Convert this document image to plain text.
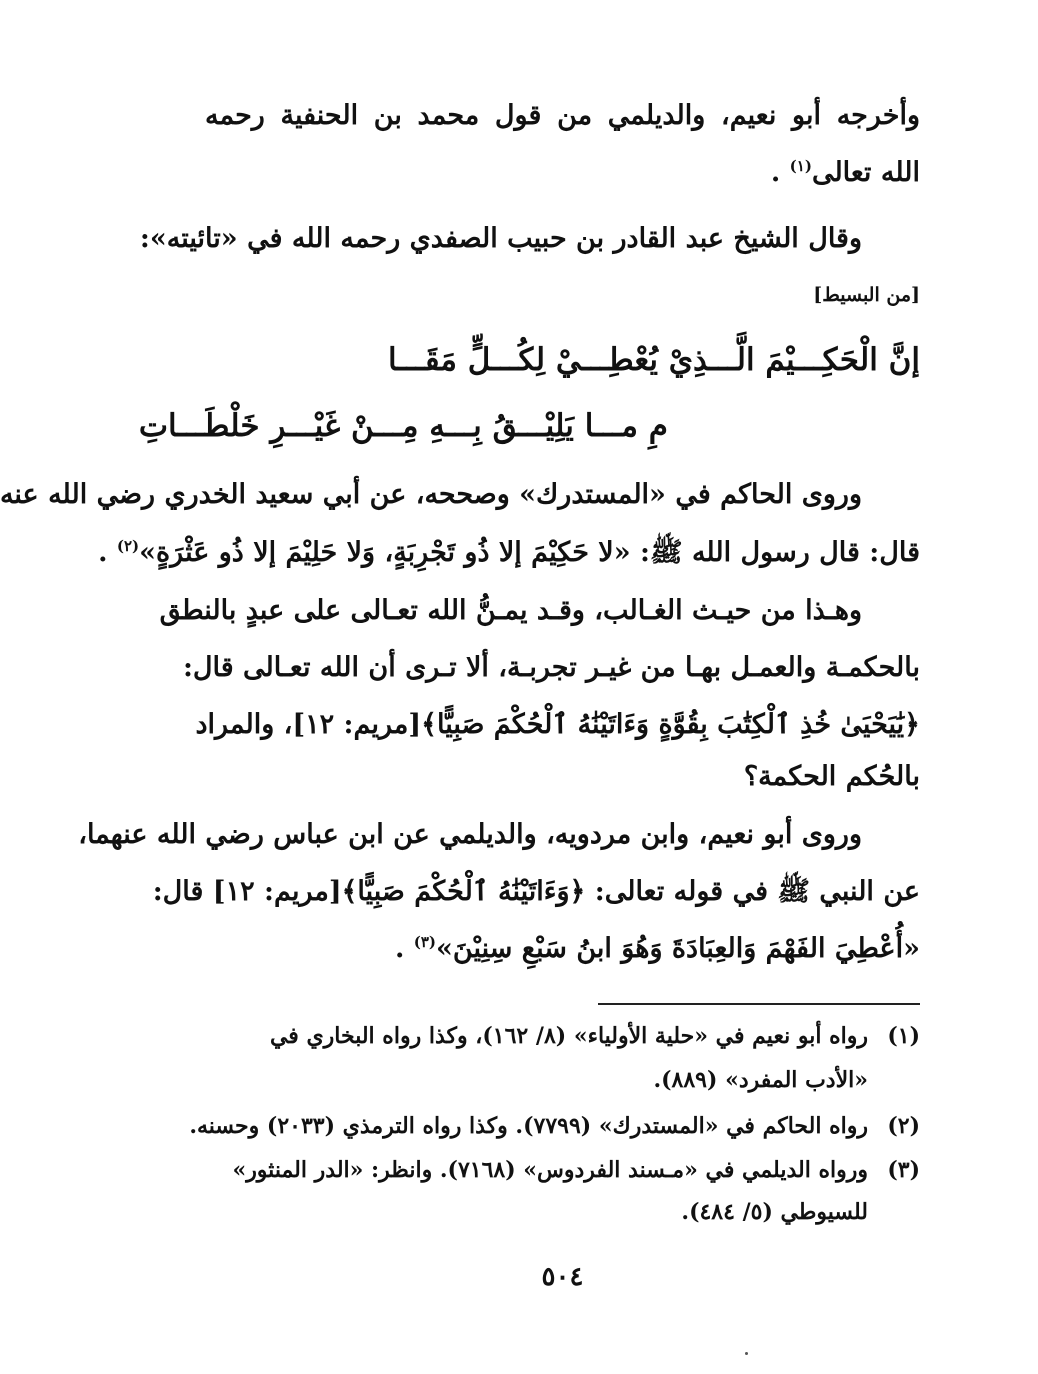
وأخرجه أبو نعيم، والديلمي من قول محمد بن الحنفية رحمه
الله تعالى$^{(١)}$ .
وقال الشيخ عبد القادر بن حبيب الصفدي رحمه الله في «تائيته»:
[من البسيط]
إنَّ الْحَكِـــيْمَ الَّـــذِيْ يُعْطِـــيْ لِكُـــلٍّ مَقَـــا
مِ مـــا يَلِيْـــقُ بِـــهِ مِـــنْ غَيْـــرِ خَلْطَـــاتِ
وروى الحاكم في «المستدرك» وصححه، عن أبي سعيد الخدري رضي الله عنه
قال: قال رسول الله ﷺ: «لا حَكِيْمَ إلا ذُو تَجْرِبَةٍ، وَلا حَلِيْمَ إلا ذُو عَثْرَةٍ»$^{(٢)}$ .
وهـذا من حيـث الغـالب، وقـد يمـنُّ الله تعـالى على عبدٍ بالنطق
بالحكمـة والعمـل بهـا من غيـر تجربـة، ألا تـرى أن الله تعـالى قال:
﴿يَٰيَحْيَىٰ خُذِ ٱلْكِتَٰبَ بِقُوَّةٍ وَءَاتَيْنَٰهُ ٱلْحُكْمَ صَبِيًّا﴾[مريم: ١٢]، والمراد
بالحُكم الحكمة؟
وروى أبو نعيم، وابن مردويه، والديلمي عن ابن عباس رضي الله عنهما،
عن النبي ﷺ في قوله تعالى: ﴿وَءَاتَيْنَٰهُ ٱلْحُكْمَ صَبِيًّا﴾[مريم: ١٢] قال:
«أُعْطِيَ الفَهْمَ وَالعِبَادَةَ وَهُوَ ابنُ سَبْعِ سِنِيْنَ»$^{(٣)}$ .
(١)رواه أبو نعيم في «حلية الأولياء» (٨/ ١٦٢)، وكذا رواه البخاري في
«الأدب المفرد» (٨٨٩).
(٢)رواه الحاكم في «المستدرك» (٧٧٩٩). وكذا رواه الترمذي (٢٠٣٣) وحسنه.
(٣)ورواه الديلمي في «مـسند الفردوس» (٧١٦٨). وانظر: «الدر المنثور»
للسيوطي (٥/ ٤٨٤).
٥٠٤
